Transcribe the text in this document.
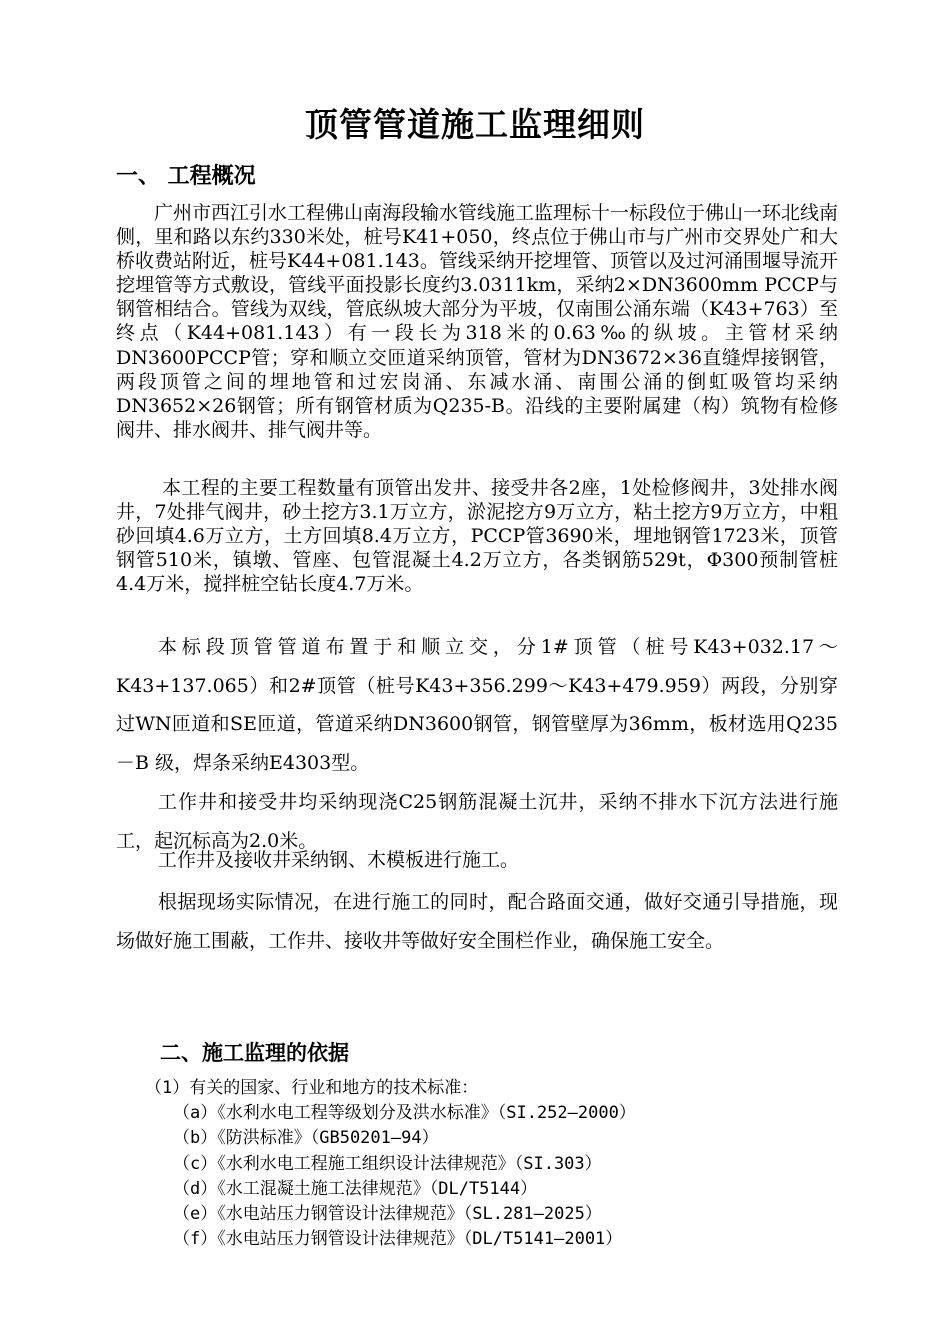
顶管管道施工监理细则
一、 工程概况

广州市西江引水工程佛山南海段输水管线施工监理标十一标段位于佛山一环北线南侧，里和路以东约330米处，桩号K41+050，终点位于佛山市与广州市交界处广和大桥收费站附近，桩号K44+081.143。管线采纳开挖埋管、顶管以及过河涌围堰导流开挖埋管等方式敷设，管线平面投影长度约3.0311km，采纳2×DN3600mm PCCP与钢管相结合。管线为双线，管底纵坡大部分为平坡，仅南围公涌东端（K43+763）至终点（K44+081.143）有一段长为318米的0.63‰的纵坡。主管材采纳DN3600PCCP管；穿和顺立交匝道采纳顶管，管材为DN3672×36直缝焊接钢管，两段顶管之间的埋地管和过宏岗涌、东减水涌、南围公涌的倒虹吸管均采纳DN3652×26钢管；所有钢管材质为Q235-B。沿线的主要附属建（构）筑物有检修阀井、排水阀井、排气阀井等。

本工程的主要工程数量有顶管出发井、接受井各2座，1处检修阀井，3处排水阀井，7处排气阀井，砂土挖方3.1万立方，淤泥挖方9万立方，粘土挖方9万立方，中粗砂回填4.6万立方，土方回填8.4万立方，PCCP管3690米，埋地钢管1723米，顶管钢管510米，镇墩、管座、包管混凝土4.2万立方，各类钢筋529t，Φ300预制管桩4.4万米，搅拌桩空钻长度4.7万米。

本标段顶管管道布置于和顺立交，分1#顶管（桩号K43+032.17～K43+137.065）和2#顶管（桩号K43+356.299～K43+479.959）两段，分别穿过WN匝道和SE匝道，管道采纳DN3600钢管，钢管壁厚为36mm，板材选用Q235－B 级，焊条采纳E4303型。

工作井和接受井均采纳现浇C25钢筋混凝土沉井，采纳不排水下沉方法进行施工，起沉标高为2.0米。

工作井及接收井采纳钢、木模板进行施工。

根据现场实际情况，在进行施工的同时，配合路面交通，做好交通引导措施，现场做好施工围蔽，工作井、接收井等做好安全围栏作业，确保施工安全。

二、施工监理的依据
（1）有关的国家、行业和地方的技术标准：
（a）《水利水电工程等级划分及洪水标准》（SI.252—2000）
（b）《防洪标准》（GB50201—94）
（c）《水利水电工程施工组织设计法律规范》（SI.303）
（d）《水工混凝土施工法律规范》（DL/T5144）
（e）《水电站压力钢管设计法律规范》（SL.281—2025）
（f）《水电站压力钢管设计法律规范》（DL/T5141—2001）
